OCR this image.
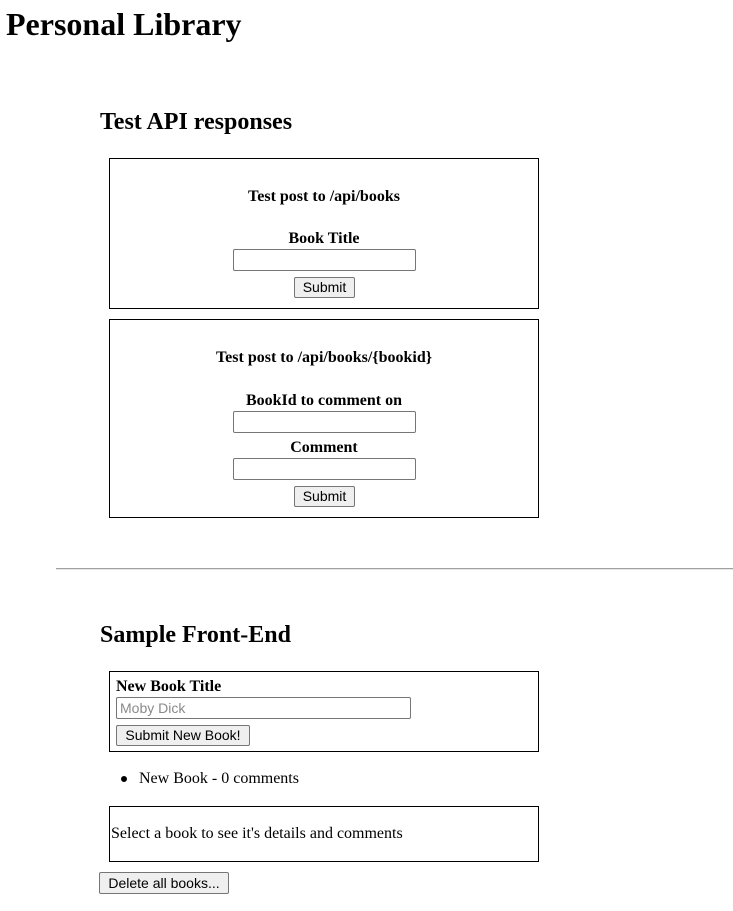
Personal Library
Test API responses
Test post to /api/books
Book Title
Submit
Test post to /api/books/{bookid}
BookId to comment on
Comment
Submit
Sample Front-End
New Book Title
Moby Dick
Submit New Book!
New Book - 0 comments
Select a book to see it's details and comments
Delete all books...
